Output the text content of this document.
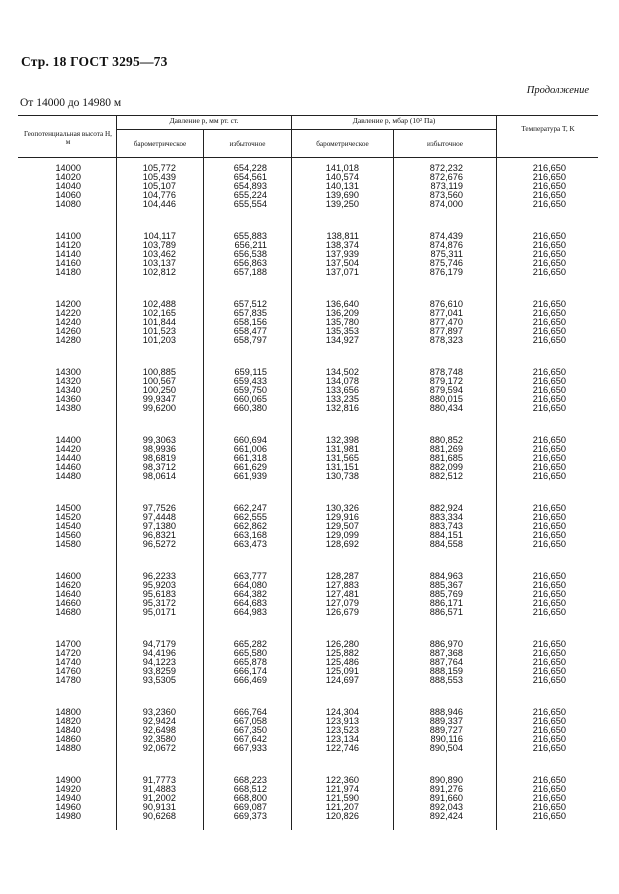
Стр. 18 ГОСТ 3295—73
Продолжение
От 14000 до 14980 м
Геопотенциальная высота H, м
Давление p, мм рт. ст.	Давление p, мбар (10² Па)
барометрическое	избыточное	барометрическое	избыточное
Температура T, K
14000	105,772	654,228	141,018	872,232	216,650
14020	105,439	654,561	140,574	872,676	216,650
14040	105,107	654,893	140,131	873,119	216,650
14060	104,776	655,224	139,690	873,560	216,650
14080	104,446	655,554	139,250	874,000	216,650
14100	104,117	655,883	138,811	874,439	216,650
14120	103,789	656,211	138,374	874,876	216,650
14140	103,462	656,538	137,939	875,311	216,650
14160	103,137	656,863	137,504	875,746	216,650
14180	102,812	657,188	137,071	876,179	216,650
14200	102,488	657,512	136,640	876,610	216,650
14220	102,165	657,835	136,209	877,041	216,650
14240	101,844	658,156	135,780	877,470	216,650
14260	101,523	658,477	135,353	877,897	216,650
14280	101,203	658,797	134,927	878,323	216,650
14300	100,885	659,115	134,502	878,748	216,650
14320	100,567	659,433	134,078	879,172	216,650
14340	100,250	659,750	133,656	879,594	216,650
14360	99,9347	660,065	133,235	880,015	216,650
14380	99,6200	660,380	132,816	880,434	216,650
14400	99,3063	660,694	132,398	880,852	216,650
14420	98,9936	661,006	131,981	881,269	216,650
14440	98,6819	661,318	131,565	881,685	216,650
14460	98,3712	661,629	131,151	882,099	216,650
14480	98,0614	661,939	130,738	882,512	216,650
14500	97,7526	662,247	130,326	882,924	216,650
14520	97,4448	662,555	129,916	883,334	216,650
14540	97,1380	662,862	129,507	883,743	216,650
14560	96,8321	663,168	129,099	884,151	216,650
14580	96,5272	663,473	128,692	884,558	216,650
14600	96,2233	663,777	128,287	884,963	216,650
14620	95,9203	664,080	127,883	885,367	216,650
14640	95,6183	664,382	127,481	885,769	216,650
14660	95,3172	664,683	127,079	886,171	216,650
14680	95,0171	664,983	126,679	886,571	216,650
14700	94,7179	665,282	126,280	886,970	216,650
14720	94,4196	665,580	125,882	887,368	216,650
14740	94,1223	665,878	125,486	887,764	216,650
14760	93,8259	666,174	125,091	888,159	216,650
14780	93,5305	666,469	124,697	888,553	216,650
14800	93,2360	666,764	124,304	888,946	216,650
14820	92,9424	667,058	123,913	889,337	216,650
14840	92,6498	667,350	123,523	889,727	216,650
14860	92,3580	667,642	123,134	890,116	216,650
14880	92,0672	667,933	122,746	890,504	216,650
14900	91,7773	668,223	122,360	890,890	216,650
14920	91,4883	668,512	121,974	891,276	216,650
14940	91,2002	668,800	121,590	891,660	216,650
14960	90,9131	669,087	121,207	892,043	216,650
14980	90,6268	669,373	120,826	892,424	216,650
